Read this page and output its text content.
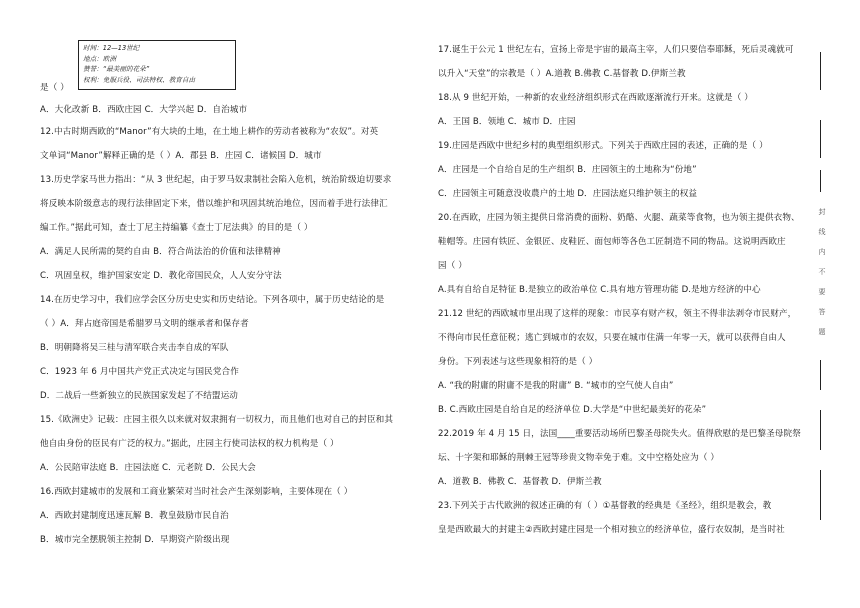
是（ ）
A．大化改新 B．西欧庄园 C．大学兴起 D．自治城市
12.中古时期西欧的“Manor”有大块的土地，在土地上耕作的劳动者被称为“农奴”。对英
文单词“Manor”解释正确的是（ ）A．郡县 B．庄园 C．诸候国 D．城市
13.历史学家马世力指出：“从 3 世纪起，由于罗马奴隶制社会陷入危机，统治阶级迫切要求
将反映本阶级意志的现行法律固定下来，借以维护和巩固其统治地位，因而着手进行法律汇
编工作。”据此可知，查士丁尼主持编纂《查士丁尼法典》的目的是（ ）
A．满足人民所需的契约自由 B．符合尚法治的价值和法律精神
C．巩固皇权，维护国家安定 D．教化帝国民众，人人安分守法
14.在历史学习中，我们应学会区分历史史实和历史结论。下列各项中，属于历史结论的是
（ ）A．拜占庭帝国是希腊罗马文明的继承者和保存者
B．明朝降将吴三桂与清军联合夹击李自成的军队
C．1923 年 6 月中国共产党正式决定与国民党合作
D．二战后一些新独立的民族国家发起了不结盟运动
15.《欧洲史》记载：庄园主很久以来就对奴隶拥有一切权力，而且他们也对自己的封臣和其
他自由身份的臣民有广泛的权力。”据此，庄园主行使司法权的权力机构是（ ）
A．公民陪审法庭 B．庄园法庭 C．元老院 D．公民大会
16.西欧封建城市的发展和工商业繁荣对当时社会产生深刻影响，主要体现在（ ）
A．西欧封建制度迅速瓦解 B．教皇鼓励市民自治
B．城市完全摆脱领主控制 D．早期资产阶级出现
时间：12—13世纪
地点：欧洲
赞誉：“最美丽的花朵”
权利：免服兵役、司法特权、教育自由
17.诞生于公元 1 世纪左右，宣扬上帝是宇宙的最高主宰，人们只要信奉耶稣，死后灵魂就可
以升入“天堂”的宗教是（ ）A.道教 B.佛教 C.基督教 D.伊斯兰教
18.从 9 世纪开始，一种新的农业经济组织形式在西欧逐渐流行开来。这就是（ ）
A．王国 B．领地 C．城市 D．庄园
19.庄园是西欧中世纪乡村的典型组织形式。下列关于西欧庄园的表述，正确的是（ ）
A．庄园是一个自给自足的生产组织 B．庄园领主的土地称为“份地”
C．庄园领主可随意没收農户的土地 D．庄园法庭只维护领主的权益
20.在西欧，庄园为领主提供日常消费的面粉、奶酪、火腿、蔬菜等食物，也为领主提供衣物、
鞋帽等。庄园有铁匠、金银匠、皮鞋匠、面包师等各色工匠制造不同的物品。这说明西欧庄
园（ ）
A.具有自给自足特征 B.是独立的政治单位 C.具有地方管理功能 D.是地方经济的中心
21.12 世纪的西欧城市里出现了这样的现象：市民享有财产权，领主不得非法剥夺市民财产，
不得向市民任意征税；逃亡到城市的农奴，只要在城市住满一年零一天，就可以获得自由人
身份。下列表述与这些现象相符的是（ ）
A. “我的附庸的附庸不是我的附庸” B. “城市的空气使人自由”
B. C.西欧庄园是自给自足的经济单位 D.大学是“中世纪最美好的花朵”
22.2019 年 4 月 15 日，法国____重要活动场所巴黎圣母院失火。值得欣慰的是巴黎圣母院祭
坛、十字架和耶稣的荆棘王冠等珍贵文物幸免于难。文中空格处应为（ ）
A．道教 B．佛教 C．基督教 D．伊斯兰教
23.下列关于古代欧洲的叙述正确的有（ ）①基督教的经典是《圣经》，组织是教会，教
皇是西欧最大的封建主②西欧封建庄园是一个相对独立的经济单位，盛行农奴制，是当时社
封
线
内
不
要
答
题
